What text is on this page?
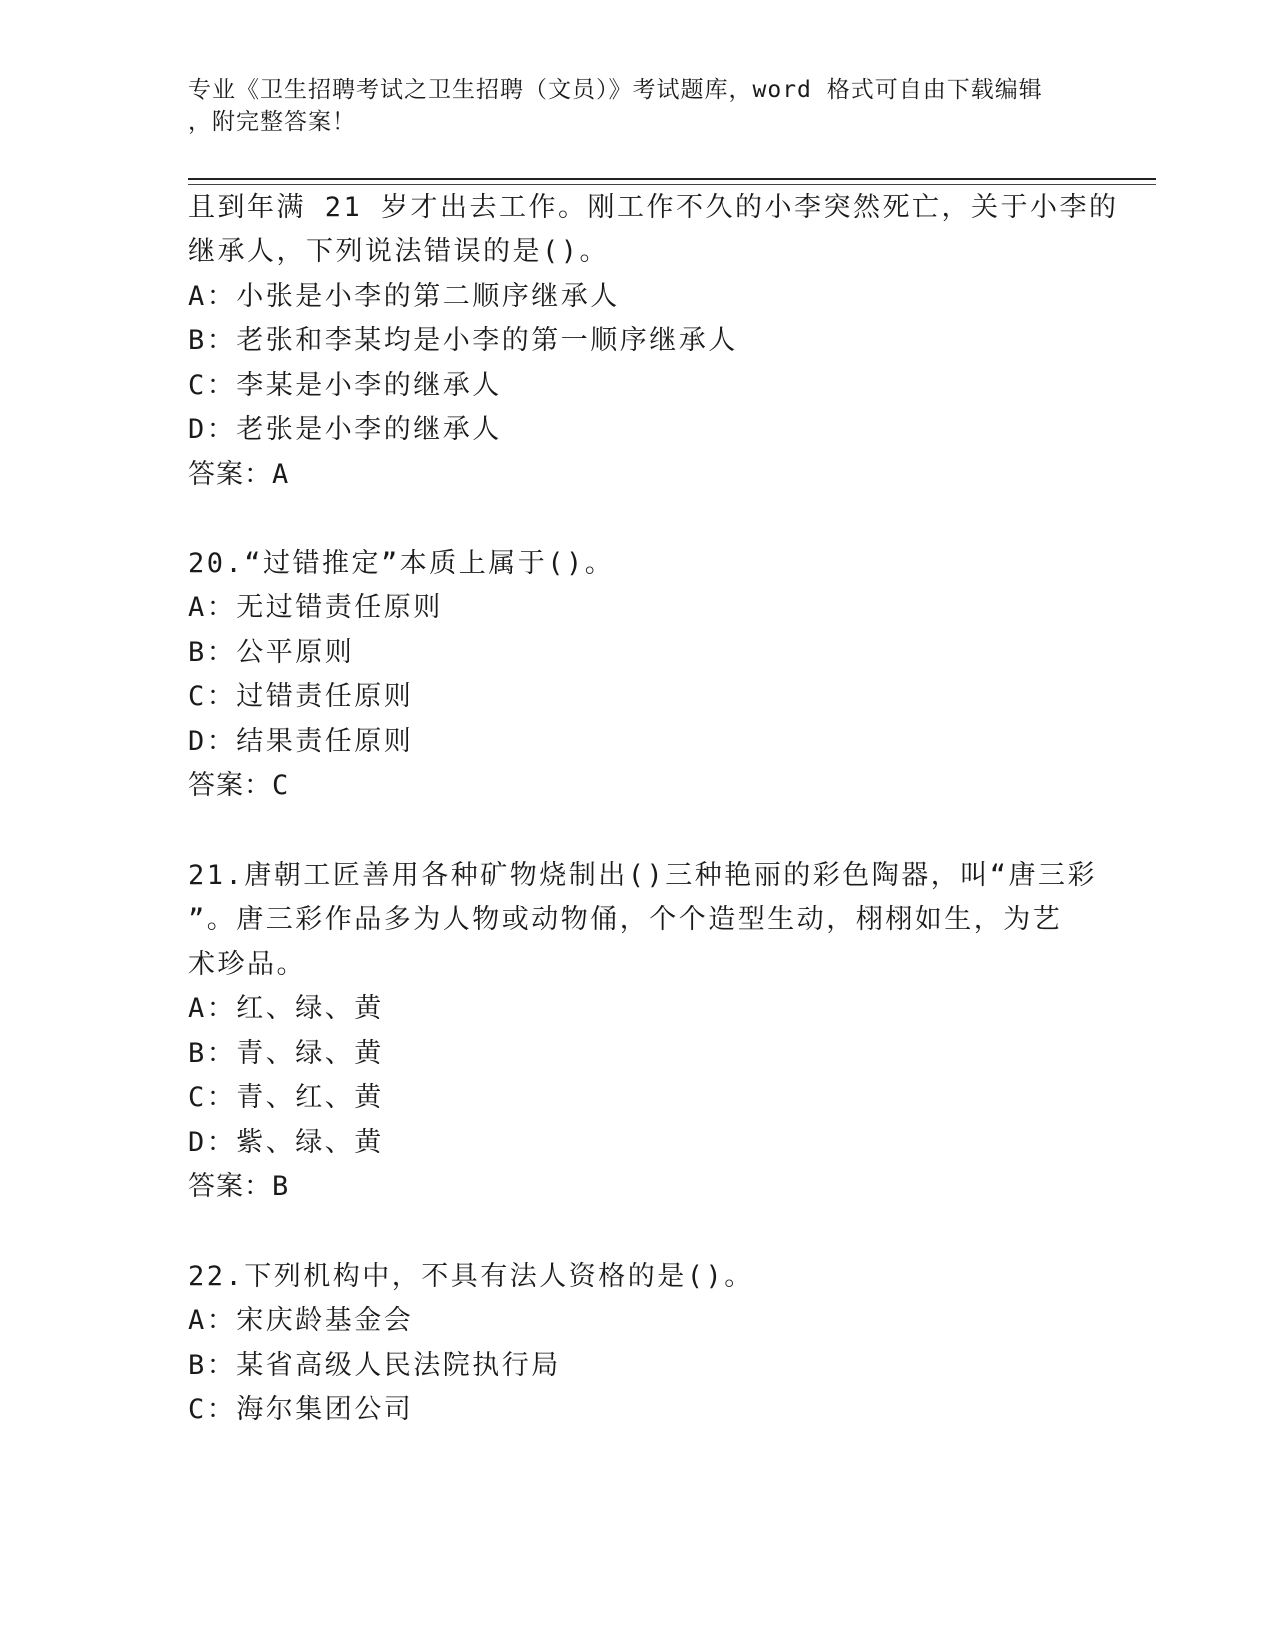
专业《卫生招聘考试之卫生招聘（文员）》考试题库，word 格式可自由下载编辑
，附完整答案！
且到年满 21 岁才出去工作。刚工作不久的小李突然死亡，关于小李的
继承人，下列说法错误的是()。
A：小张是小李的第二顺序继承人
B：老张和李某均是小李的第一顺序继承人
C：李某是小李的继承人
D：老张是小李的继承人
答案：A
20.“过错推定”本质上属于()。
A：无过错责任原则
B：公平原则
C：过错责任原则
D：结果责任原则
答案：C
21.唐朝工匠善用各种矿物烧制出()三种艳丽的彩色陶器，叫“唐三彩
”。唐三彩作品多为人物或动物俑，个个造型生动，栩栩如生，为艺
术珍品。
A：红、绿、黄
B：青、绿、黄
C：青、红、黄
D：紫、绿、黄
答案：B
22.下列机构中，不具有法人资格的是()。
A：宋庆龄基金会
B：某省高级人民法院执行局
C：海尔集团公司
